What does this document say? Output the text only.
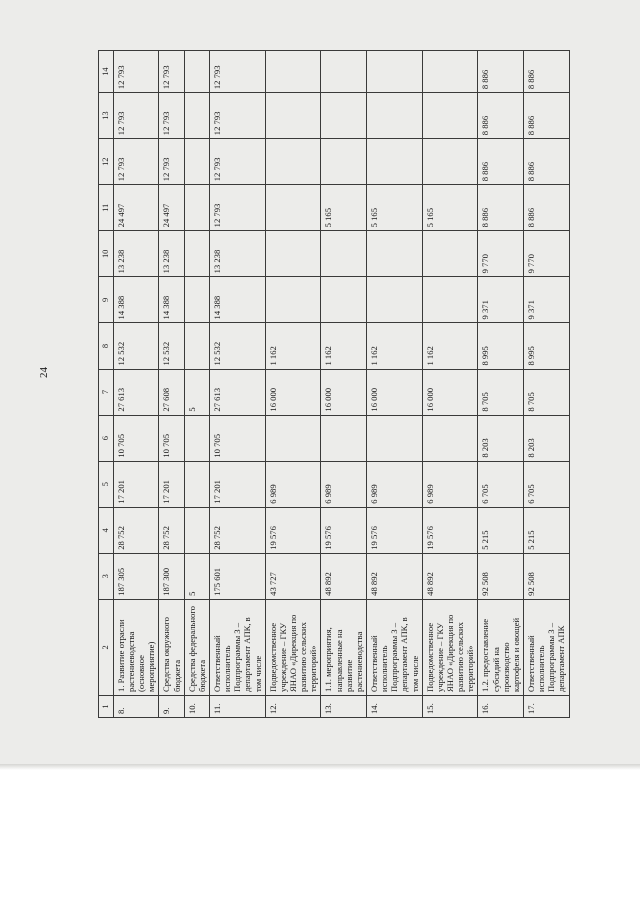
24
1	2	3	4	5	6	7	8	9	10	11	12	13	14
8.	1. Развитие отрасли растениеводства (основное мероприятие)	187 305	28 752	17 201	10 705	27 613	12 532	14 388	13 238	24 497	12 793	12 793	12 793
9.	Средства окружного бюджета	187 300	28 752	17 201	10 705	27 608	12 532	14 388	13 238	24 497	12 793	12 793	12 793
10.	Средства федерального бюджета	5				5							
11.	Ответственный исполнитель Подпрограммы 3 – департамент АПК, в том числе	175 601	28 752	17 201	10 705	27 613	12 532	14 388	13 238	12 793	12 793	12 793	12 793
12.	Подведомственное учреждение – ГКУ ЯНАО «Дирекция по развитию сельских территорий»	43 727	19 576	6 989		16 000	1 162						
13.	1.1. мероприятия, направленные на развитие растениеводства	48 892	19 576	6 989		16 000	1 162			5 165			
14.	Ответственный исполнитель Подпрограммы 3 – департамент АПК, в том числе	48 892	19 576	6 989		16 000	1 162			5 165			
15.	Подведомственное учреждение – ГКУ ЯНАО «Дирекция по развитию сельских территорий»	48 892	19 576	6 989		16 000	1 162			5 165			
16.	1.2. предоставление субсидий на производство картофеля и овощей	92 508	5 215	6 705	8 203	8 705	8 995	9 371	9 770	8 886	8 886	8 886	8 886
17.	Ответственный исполнитель Подпрограммы 3 – департамент АПК	92 508	5 215	6 705	8 203	8 705	8 995	9 371	9 770	8 886	8 886	8 886	8 886
